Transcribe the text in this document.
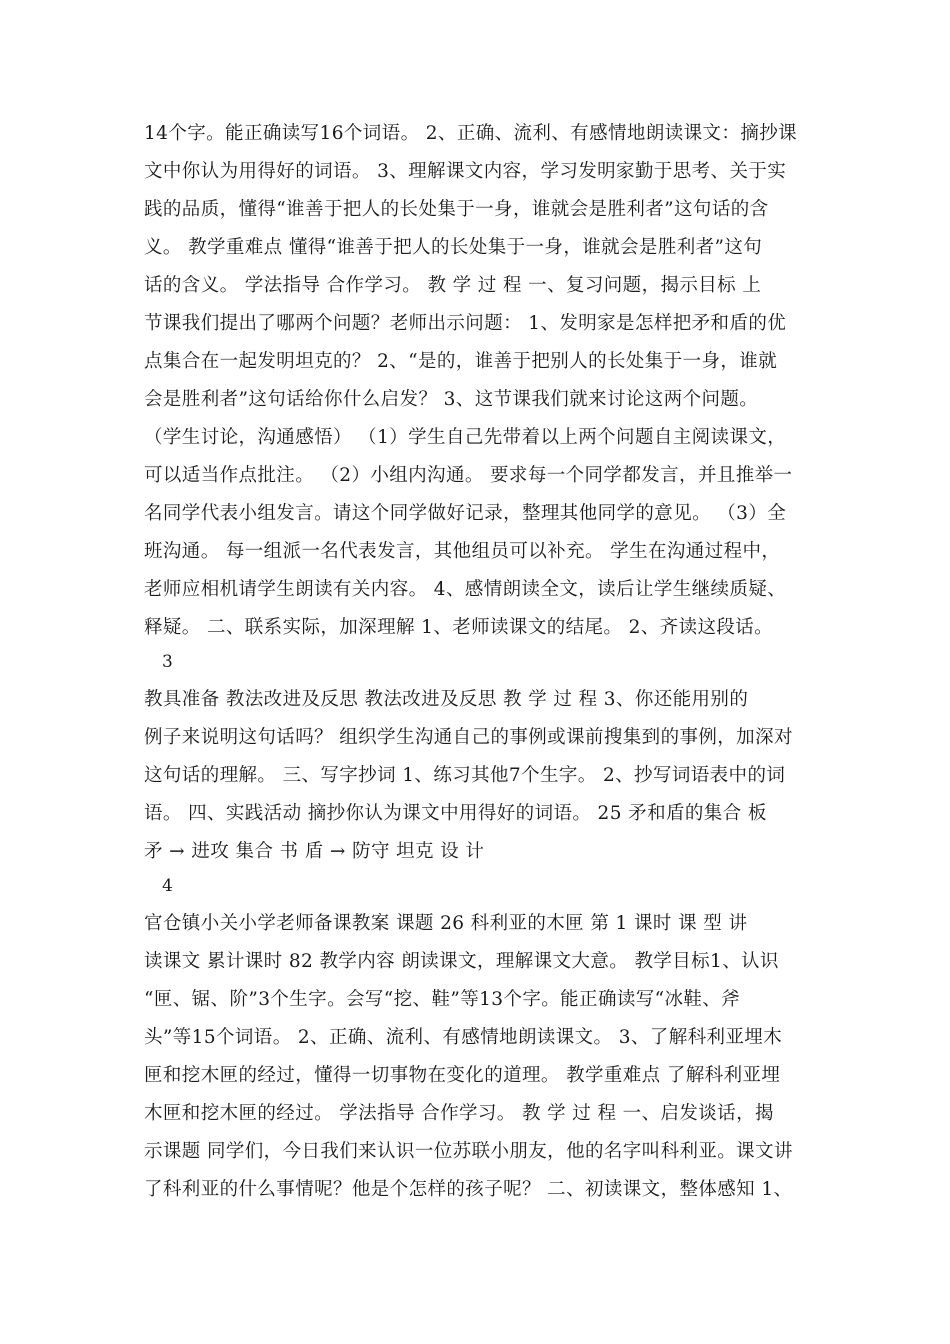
14个字。能正确读写16个词语。 2、正确、流利、有感情地朗读课文：摘抄课
文中你认为用得好的词语。 3、理解课文内容，学习发明家勤于思考、关于实
践的品质，懂得“谁善于把人的长处集于一身，谁就会是胜利者”这句话的含
义。 教学重难点 懂得“谁善于把人的长处集于一身，谁就会是胜利者”这句
话的含义。 学法指导 合作学习。 教 学 过 程 一、复习问题，揭示目标 上
节课我们提出了哪两个问题？老师出示问题： 1、发明家是怎样把矛和盾的优
点集合在一起发明坦克的？ 2、“是的，谁善于把别人的长处集于一身，谁就
会是胜利者”这句话给你什么启发？ 3、这节课我们就来讨论这两个问题。
（学生讨论，沟通感悟） （1）学生自己先带着以上两个问题自主阅读课文，
可以适当作点批注。 （2）小组内沟通。 要求每一个同学都发言，并且推举一
名同学代表小组发言。请这个同学做好记录，整理其他同学的意见。 （3）全
班沟通。 每一组派一名代表发言，其他组员可以补充。 学生在沟通过程中，
老师应相机请学生朗读有关内容。 4、感情朗读全文，读后让学生继续质疑、
释疑。 二、联系实际，加深理解 1、老师读课文的结尾。 2、齐读这段话。
3
教具准备 教法改进及反思 教法改进及反思 教 学 过 程 3、你还能用别的
例子来说明这句话吗？ 组织学生沟通自己的事例或课前搜集到的事例，加深对
这句话的理解。 三、写字抄词 1、练习其他7个生字。 2、抄写词语表中的词
语。 四、实践活动 摘抄你认为课文中用得好的词语。 25 矛和盾的集合 板
矛 → 进攻 集合 书 盾 → 防守 坦克 设 计
4
官仓镇小关小学老师备课教案 课题 26 科利亚的木匣 第 1 课时 课 型 讲
读课文 累计课时 82 教学内容 朗读课文，理解课文大意。 教学目标1、认识
“匣、锯、阶”3个生字。会写“挖、鞋”等13个字。能正确读写“冰鞋、斧
头”等15个词语。 2、正确、流利、有感情地朗读课文。 3、了解科利亚埋木
匣和挖木匣的经过，懂得一切事物在变化的道理。 教学重难点 了解科利亚埋
木匣和挖木匣的经过。 学法指导 合作学习。 教 学 过 程 一、启发谈话，揭
示课题 同学们，今日我们来认识一位苏联小朋友，他的名字叫科利亚。课文讲
了科利亚的什么事情呢？他是个怎样的孩子呢？ 二、初读课文，整体感知 1、
